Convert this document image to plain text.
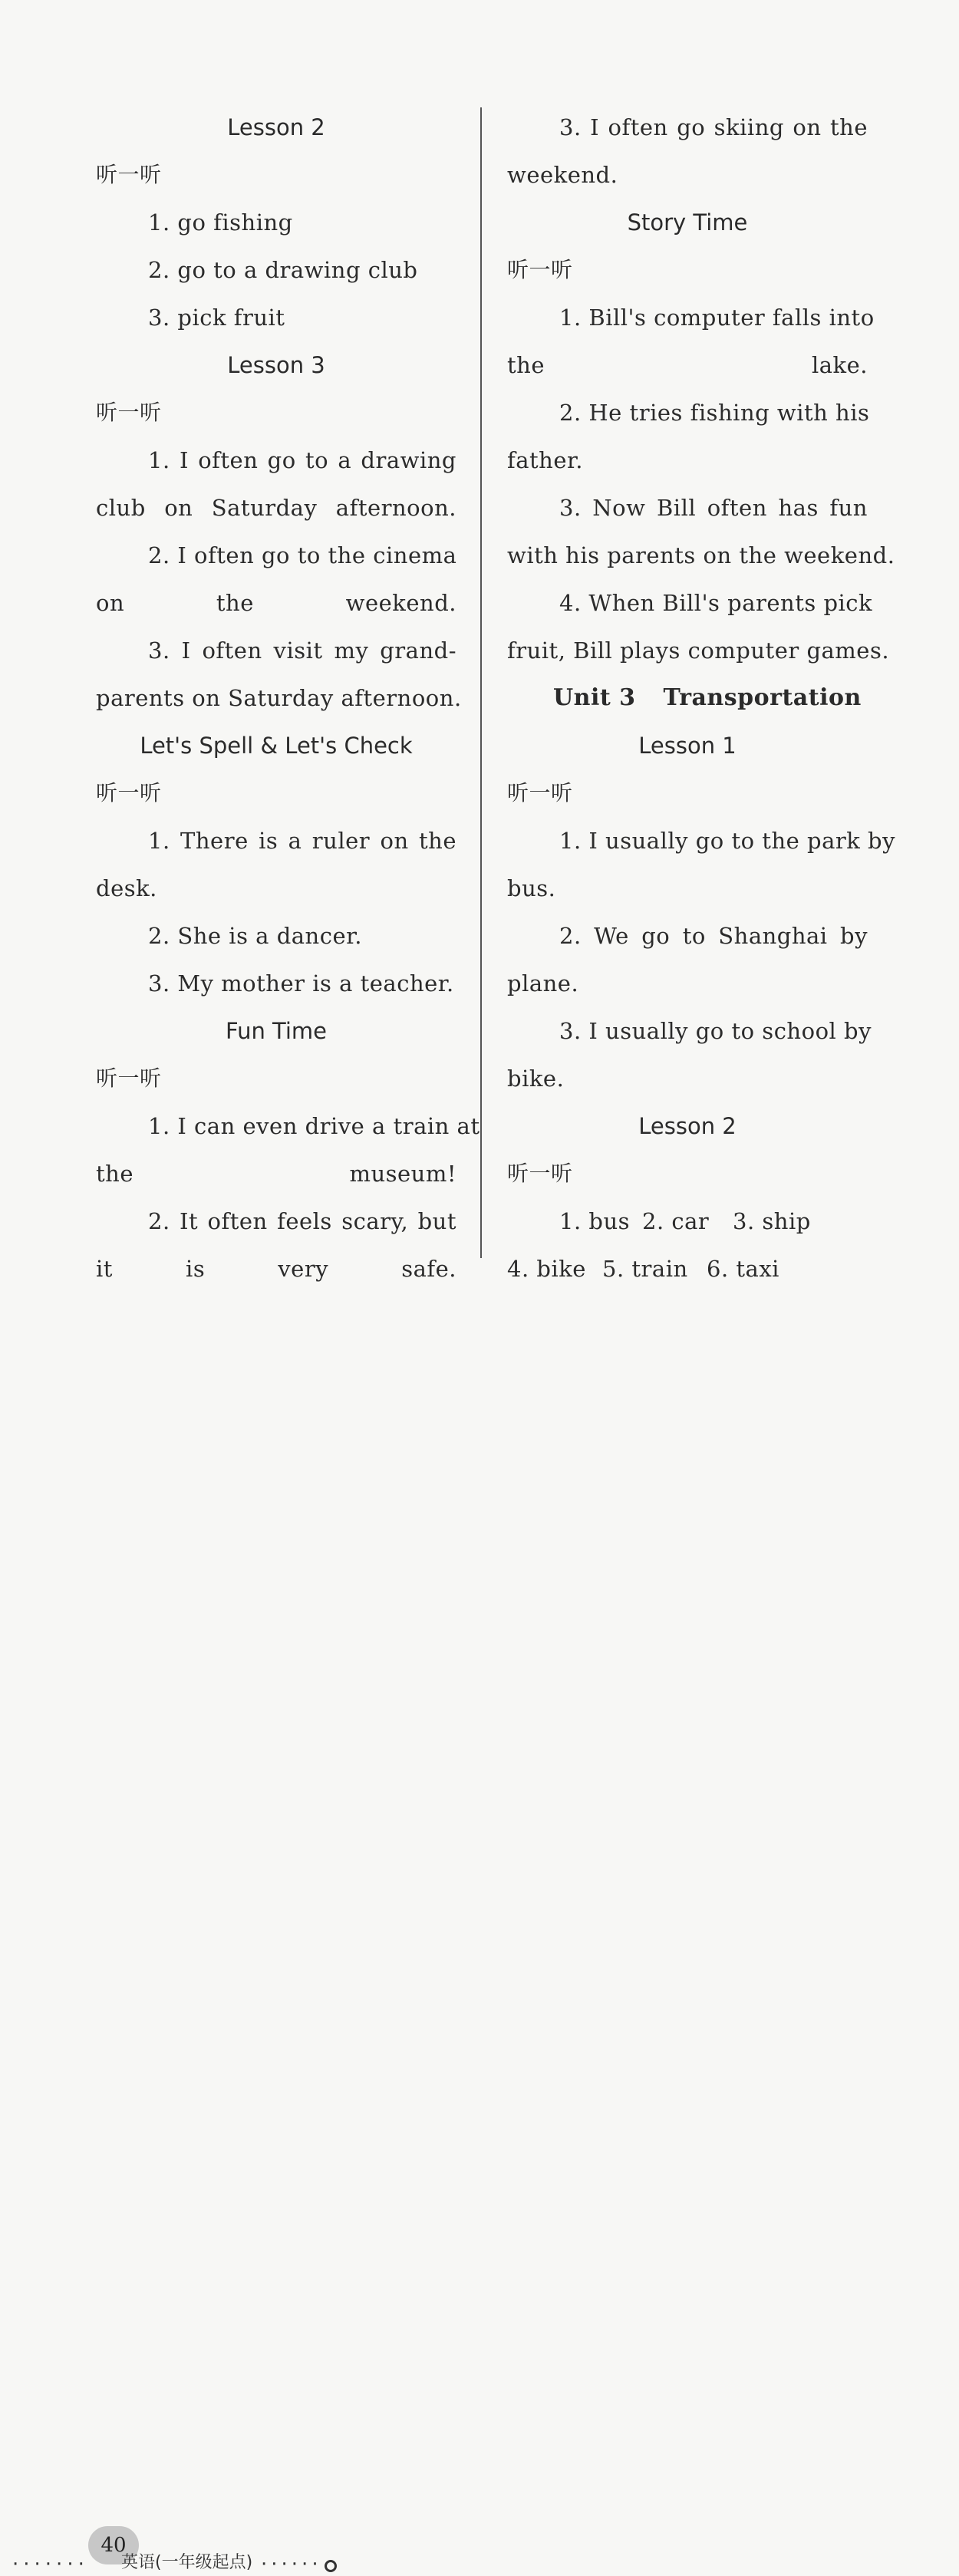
Lesson 2
听一听
1. go fishing
2. go to a drawing club
3. pick fruit
Lesson 3
听一听
1. I often go to a drawing
club on Saturday afternoon.
2. I often go to the cinema
on the weekend.
3. I often visit my grand-
parents on Saturday afternoon.
Let's Spell & Let's Check
听一听
1. There is a ruler on the
desk.
2. She is a dancer.
3. My mother is a teacher.
Fun Time
听一听
1. I can even drive a train at
the museum!
2. It often feels scary, but
it is very safe.
3. I often go skiing on the
weekend.
Story Time
听一听
1. Bill's computer falls into
the lake.
2. He tries fishing with his
father.
3. Now Bill often has fun
with his parents on the weekend.
4. When Bill's parents pick
fruit, Bill plays computer games.
Unit 3 Transportation
Lesson 1
听一听
1. I usually go to the park by
bus.
2. We go to Shanghai by
plane.
3. I usually go to school by
bike.
Lesson 2
听一听
1. bus 2. car 3. ship
4. bike 5. train 6. taxi
·······
40
英语(一年级起点) ······
